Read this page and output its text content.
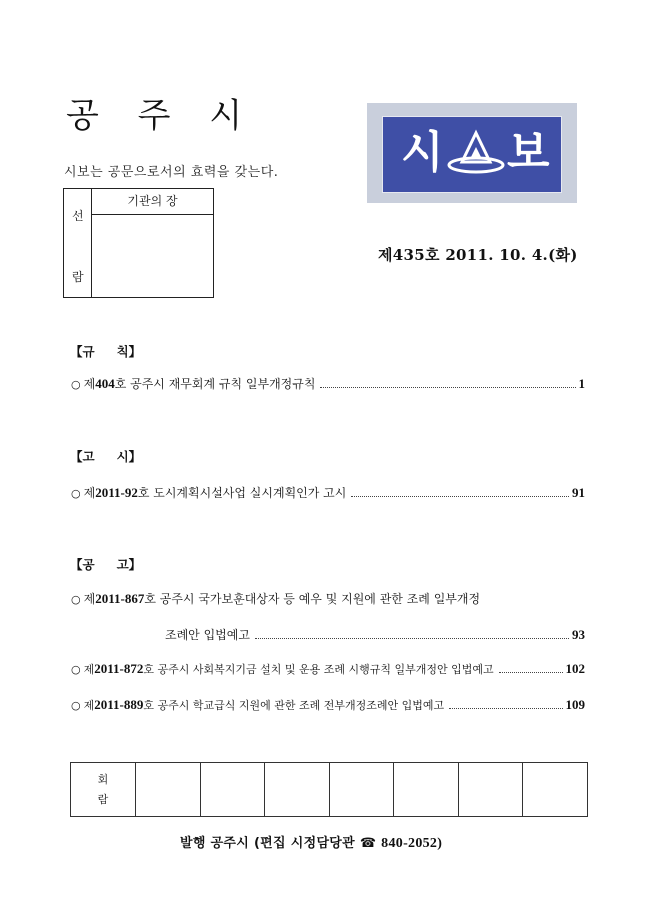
공 주 시
시보는 공문으로서의 효력을 갖는다.
선
람
기관의 장
시 보
제435호 2011. 10. 4.(화)
【규 칙】
○ 제 404 호
공주시 재무회계 규칙 일부개정규칙	1
【고 시】
○ 제 2011-92 호
도시계획시설사업 실시계획인가 고시	91
【공 고】
○ 제 2011-867 호
공주시 국가보훈대상자 등 예우 및 지원에 관한 조례 일부개정
조례안 입법예고	93
○ 제 2011-872 호
공주시 사회복지기금 설치 및 운용 조례 시행규칙 일부개정안 입법예고	102
○ 제 2011-889 호
공주시 학교급식 지원에 관한 조례 전부개정조례안 입법예고	109
회
람
발행 공주시 (편집 시정담당관 ☎ 840-2052)
